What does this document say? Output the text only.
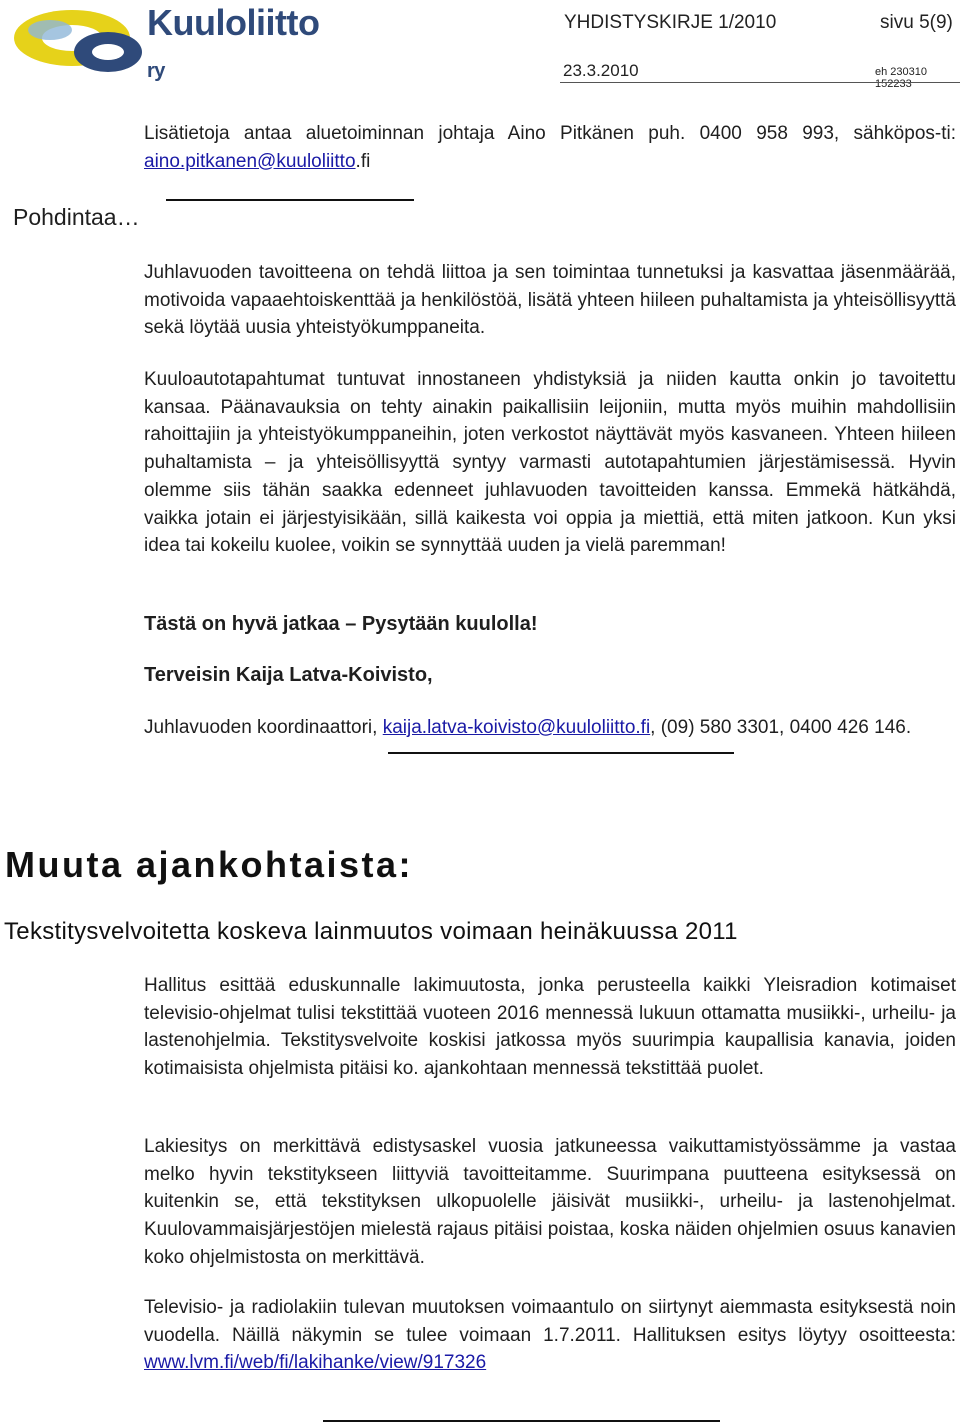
Kuuloliitto ry
YHDISTYSKIRJE 1/2010	sivu 5(9)
23.3.2010	eh 230310 152233
Lisätietoja antaa aluetoiminnan johtaja Aino Pitkänen puh. 0400 958 993, sähköpos-ti: aino.pitkanen@kuuloliitto.fi
Pohdintaa…
Juhlavuoden tavoitteena on tehdä liittoa ja sen toimintaa tunnetuksi ja kasvattaa jäsenmäärää, motivoida vapaaehtoiskenttää ja henkilöstöä, lisätä yhteen hiileen puhaltamista ja yhteisöllisyyttä sekä löytää uusia yhteistyökumppaneita.
Kuuloautotapahtumat tuntuvat innostaneen yhdistyksiä ja niiden kautta onkin jo tavoitettu kansaa. Päänavauksia on tehty ainakin paikallisiin leijoniin, mutta myös muihin mahdollisiin rahoittajiin ja yhteistyökumppaneihin, joten verkostot näyttävät myös kasvaneen. Yhteen hiileen puhaltamista – ja yhteisöllisyyttä syntyy varmasti autotapahtumien järjestämisessä. Hyvin olemme siis tähän saakka edenneet juhlavuoden tavoitteiden kanssa. Emmekä hätkähdä, vaikka jotain ei järjestyisikään, sillä kaikesta voi oppia ja miettiä, että miten jatkoon. Kun yksi idea tai kokeilu kuolee, voikin se synnyttää uuden ja vielä paremman!
Tästä on hyvä jatkaa – Pysytään kuulolla!
Terveisin Kaija Latva-Koivisto,
Juhlavuoden koordinaattori, kaija.latva-koivisto@kuuloliitto.fi, (09) 580 3301, 0400 426 146.
Muuta ajankohtaista:
Tekstitysvelvoitetta koskeva lainmuutos voimaan heinäkuussa 2011
Hallitus esittää eduskunnalle lakimuutosta, jonka perusteella kaikki Yleisradion kotimaiset televisio-ohjelmat tulisi tekstittää vuoteen 2016 mennessä lukuun ottamatta musiikki-, urheilu- ja lastenohjelmia. Tekstitysvelvoite koskisi jatkossa myös suurimpia kaupallisia kanavia, joiden kotimaisista ohjelmista pitäisi ko. ajankohtaan mennessä tekstittää puolet.
Lakiesitys on merkittävä edistysaskel vuosia jatkuneessa vaikuttamistyössämme ja vastaa melko hyvin tekstitykseen liittyviä tavoitteitamme. Suurimpana puutteena esityksessä on kuitenkin se, että tekstityksen ulkopuolelle jäisivät musiikki-, urheilu- ja lastenohjelmat. Kuulovammaisjärjestöjen mielestä rajaus pitäisi poistaa, koska näiden ohjelmien osuus kanavien koko ohjelmistosta on merkittävä.
Televisio- ja radiolakiin tulevan muutoksen voimaantulo on siirtynyt aiemmasta esityksestä noin vuodella. Näillä näkymin se tulee voimaan 1.7.2011. Hallituksen esitys löytyy osoitteesta: www.lvm.fi/web/fi/lakihanke/view/917326
